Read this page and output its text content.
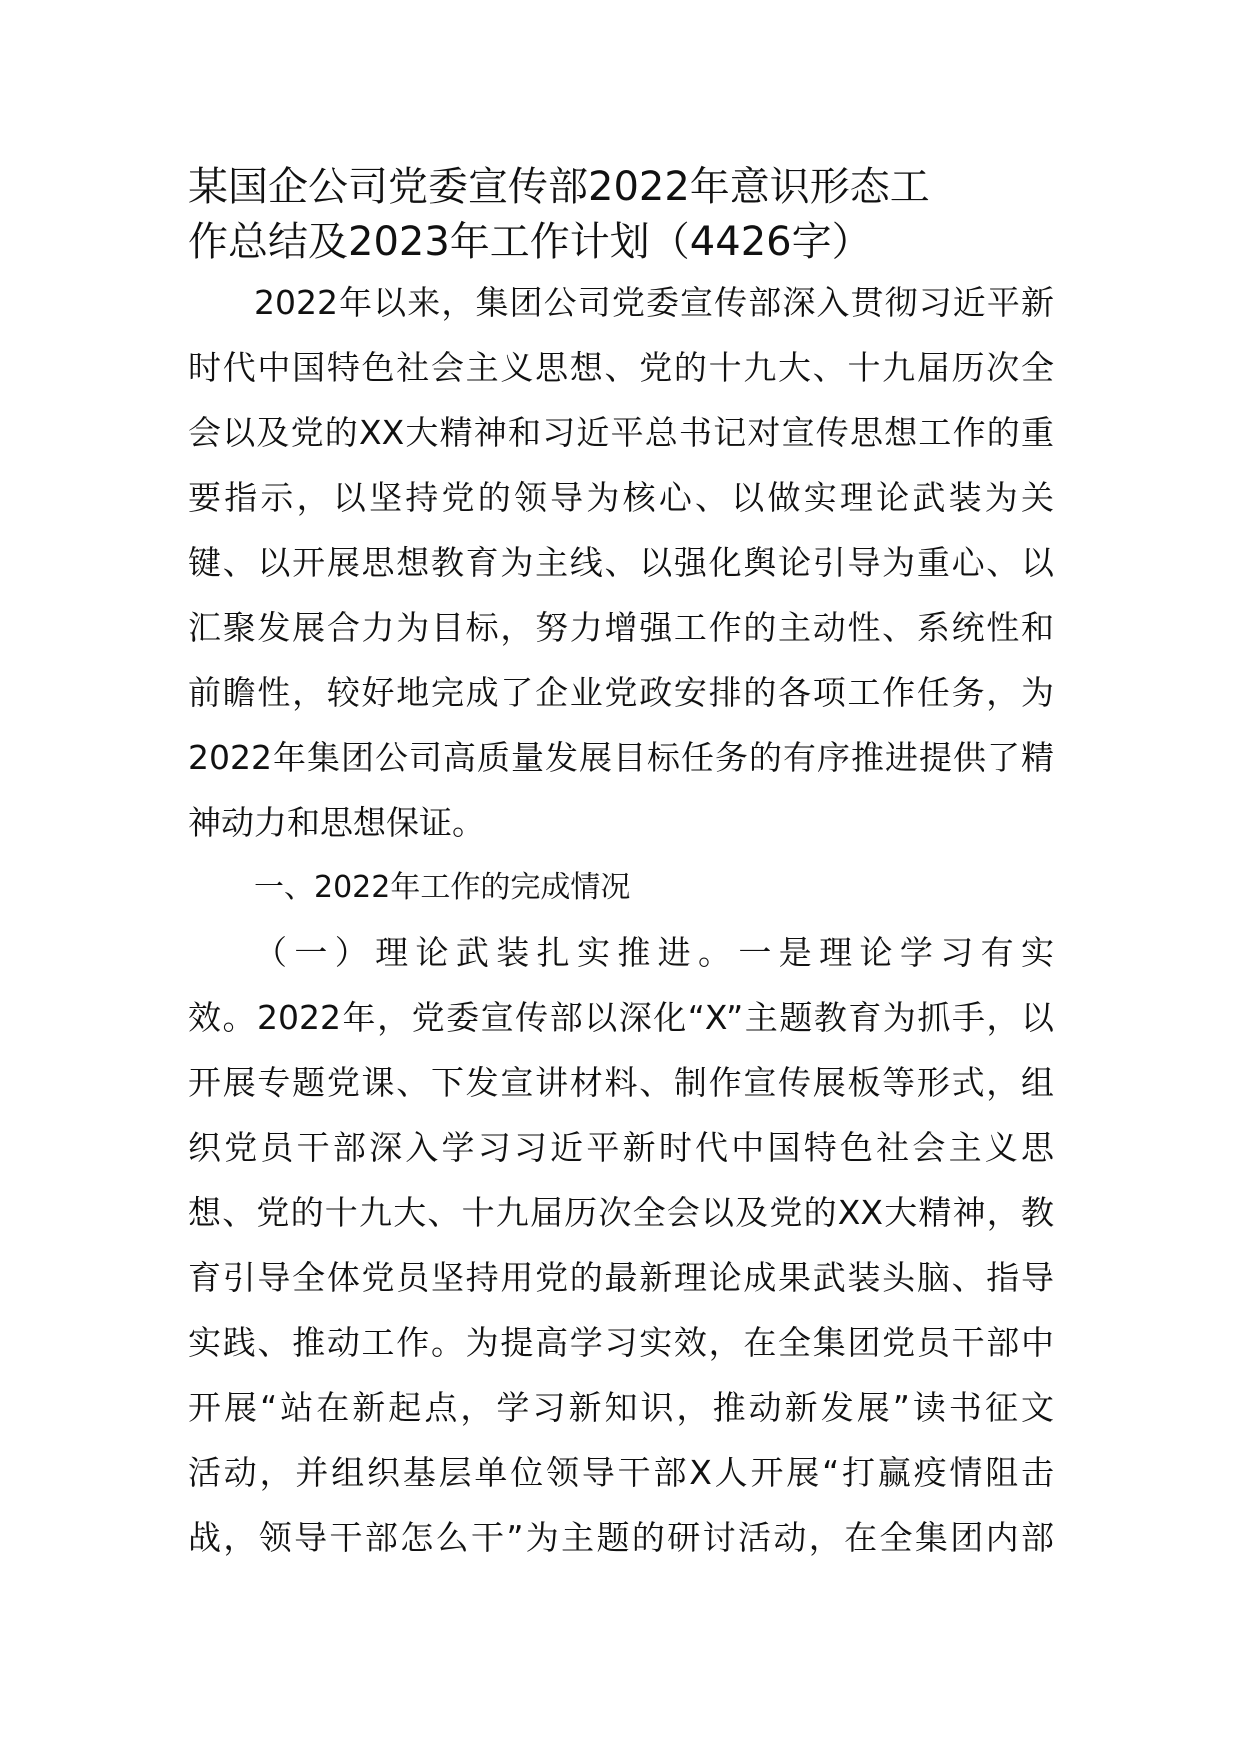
某国企公司党委宣传部2022年意识形态工
作总结及2023年工作计划（4426字）

2022年以来，集团公司党委宣传部深入贯彻习近平新
时代中国特色社会主义思想、党的十九大、十九届历次全
会以及党的XX大精神和习近平总书记对宣传思想工作的重
要指示，以坚持党的领导为核心、以做实理论武装为关
键、以开展思想教育为主线、以强化舆论引导为重心、以
汇聚发展合力为目标，努力增强工作的主动性、系统性和
前瞻性，较好地完成了企业党政安排的各项工作任务，为
2022年集团公司高质量发展目标任务的有序推进提供了精
神动力和思想保证。

一、2022年工作的完成情况

（一）理论武装扎实推进。一是理论学习有实
效。2022年，党委宣传部以深化“X”主题教育为抓手，以
开展专题党课、下发宣讲材料、制作宣传展板等形式，组
织党员干部深入学习习近平新时代中国特色社会主义思
想、党的十九大、十九届历次全会以及党的XX大精神，教
育引导全体党员坚持用党的最新理论成果武装头脑、指导
实践、推动工作。为提高学习实效，在全集团党员干部中
开展“站在新起点，学习新知识，推动新发展”读书征文
活动，并组织基层单位领导干部X人开展“打赢疫情阻击
战，领导干部怎么干”为主题的研讨活动，在全集团内部
